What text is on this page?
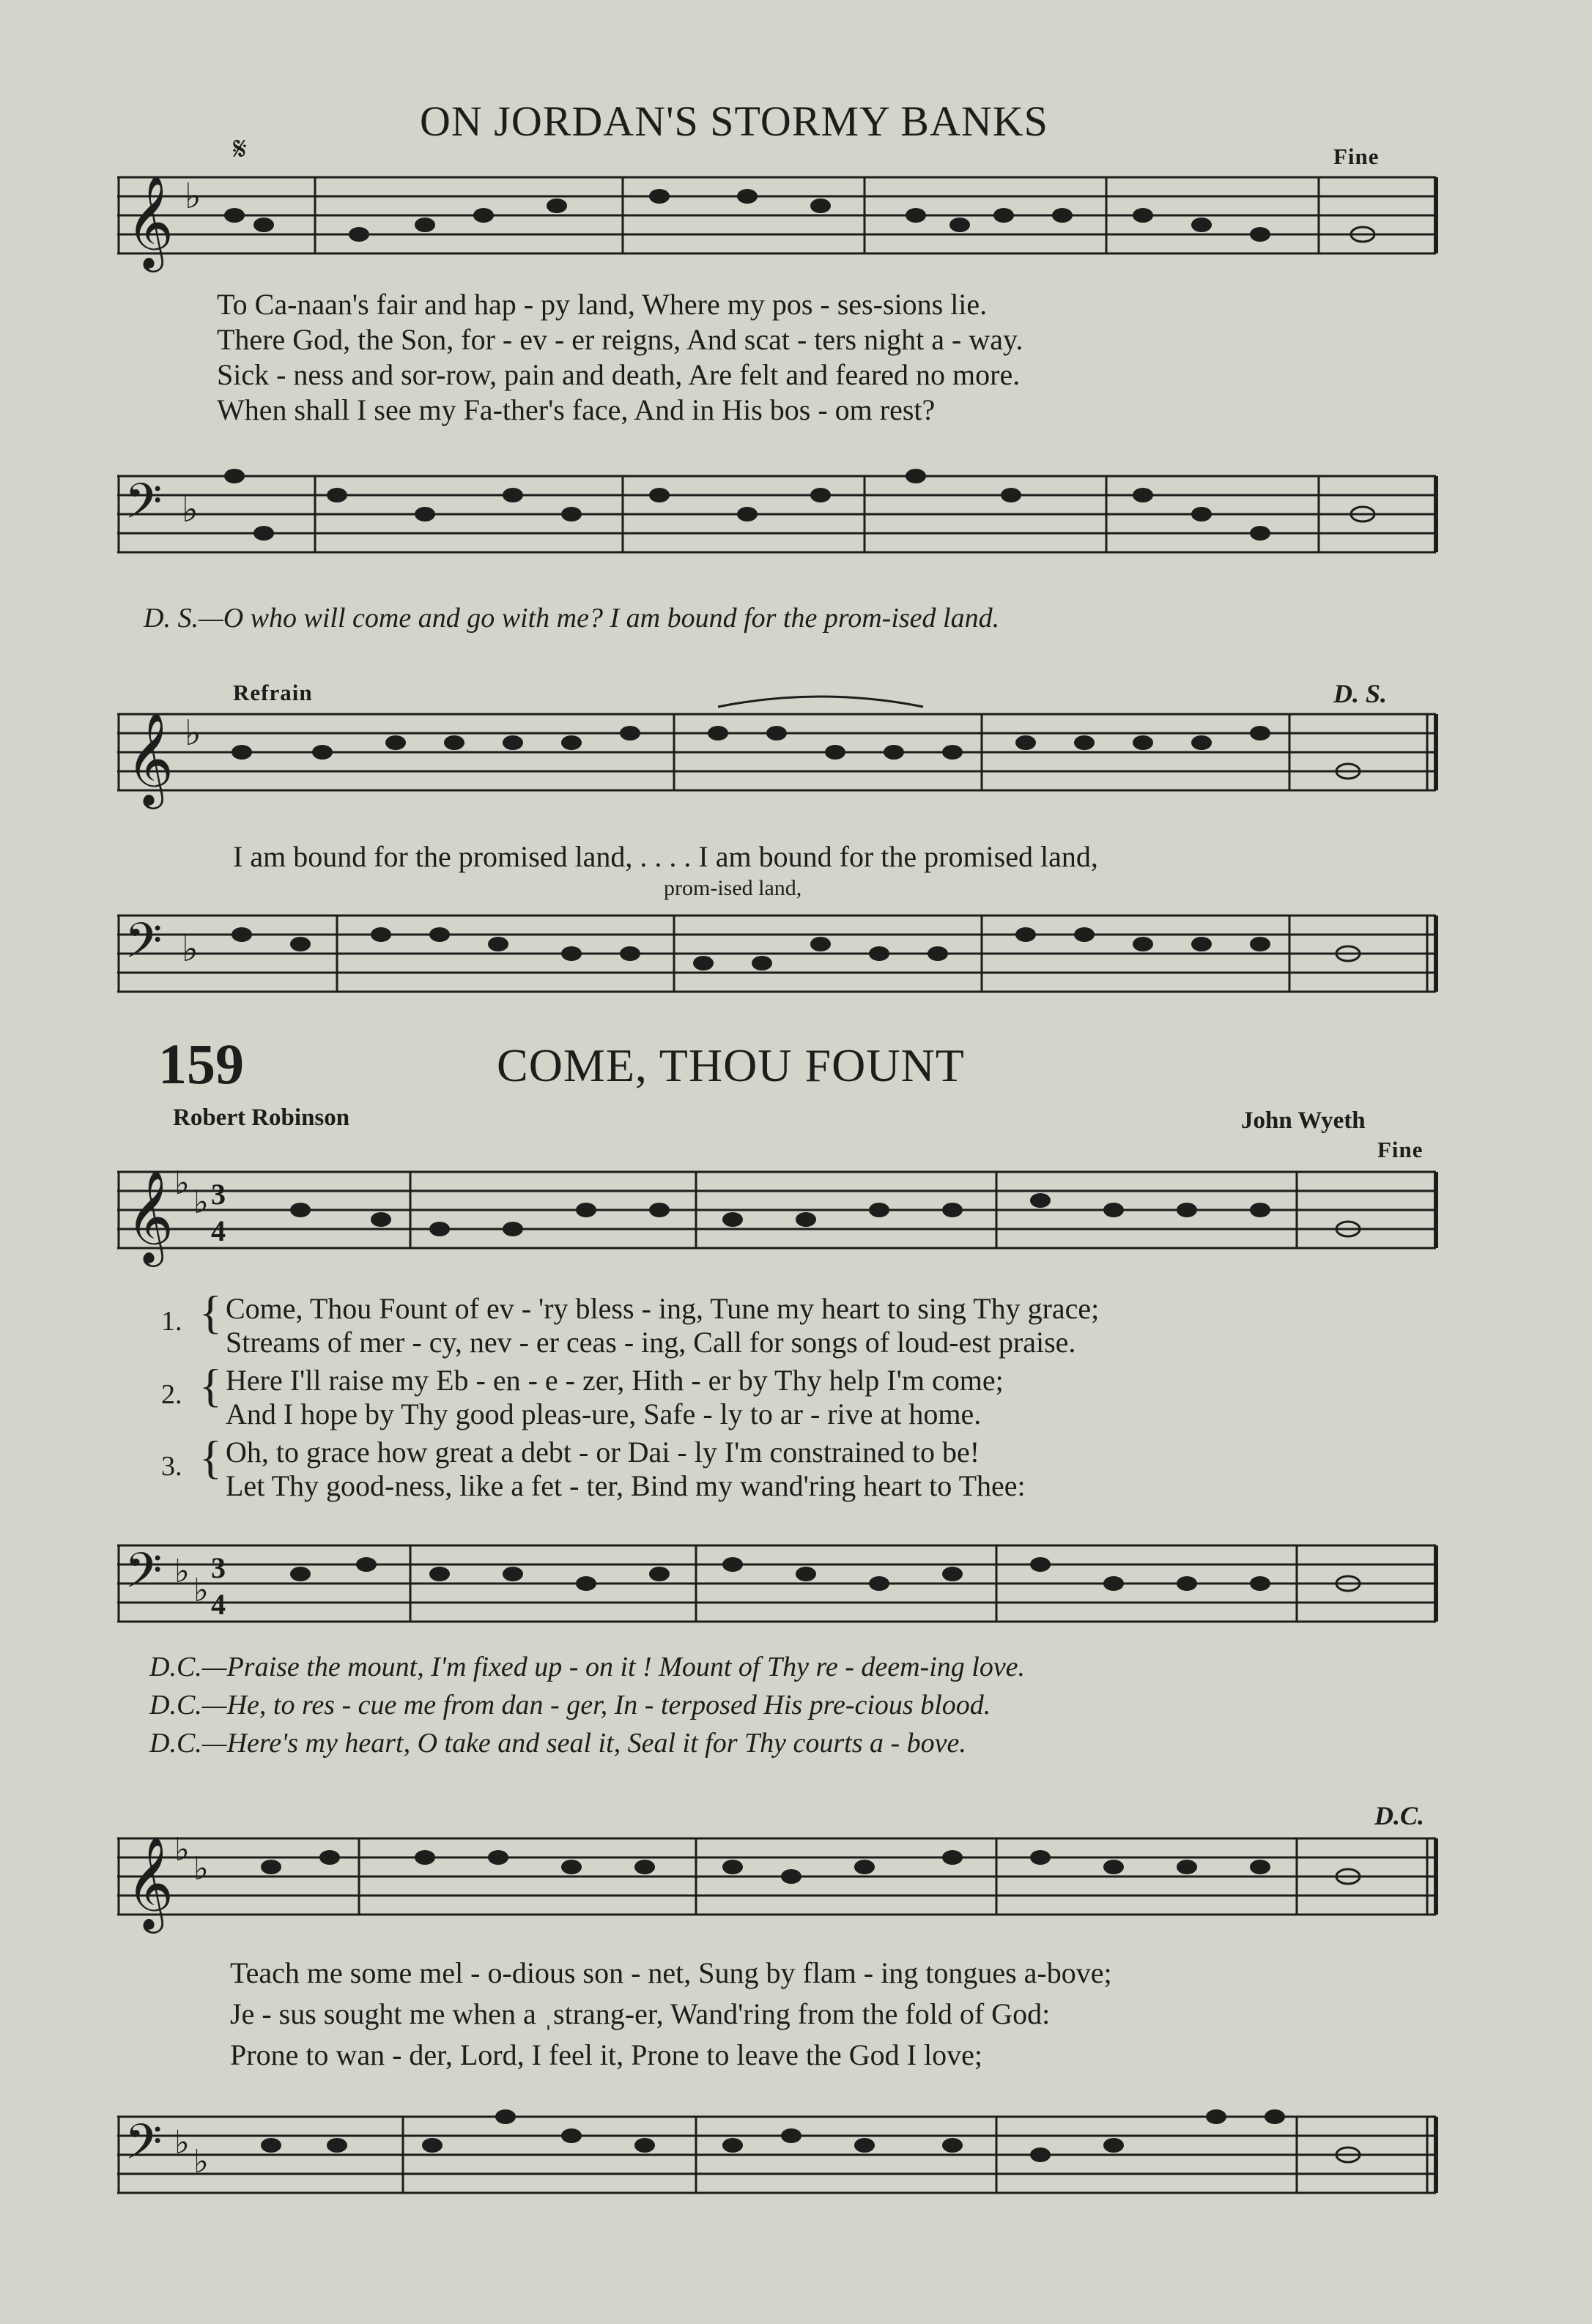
ON JORDAN'S STORMY BANKS
𝄋	Fine
𝄞 ♭
To Ca-naan's fair and hap - py land, Where my pos - ses-sions lie.
There God, the Son, for - ev - er reigns, And scat - ters night a - way.
Sick - ness and sor-row, pain and death, Are felt and feared no more.
When shall I see my Fa-ther's face, And in His bos - om rest?
𝄢 ♭
D. S.—O who will come and go with me? I am bound for the prom-ised land.
Refrain	D. S.
𝄞 ♭
I am bound for the promised land, . . . . I am bound for the promised land,
prom-ised land,
𝄢 ♭
159	COME, THOU FOUNT
Robert Robinson	John Wyeth
Fine
𝄞 ♭
♭ 3
4
1. { Come, Thou Fount of ev - 'ry bless - ing, Tune my heart to sing Thy grace;
Streams of mer - cy, nev - er ceas - ing, Call for songs of loud-est praise.
2. { Here I'll raise my Eb - en - e - zer, Hith - er by Thy help I'm come;
And I hope by Thy good pleas-ure, Safe - ly to ar - rive at home.
3. { Oh, to grace how great a debt - or Dai - ly I'm constrained to be!
Let Thy good-ness, like a fet - ter, Bind my wand'ring heart to Thee:
𝄢 ♭
♭
3
4
D.C.—Praise the mount, I'm fixed up - on it ! Mount of Thy re - deem-ing love.
D.C.—He, to res - cue me from dan - ger, In - terposed His pre-cious blood.
D.C.—Here's my heart, O take and seal it, Seal it for Thy courts a - bove.
D.C.
𝄞 ♭
♭
Teach me some mel - o-dious son - net, Sung by flam - ing tongues a-bove;
Je - sus sought me when a ˌstrang-er, Wand'ring from the fold of God:
Prone to wan - der, Lord, I feel it, Prone to leave the God I love;
𝄢 ♭
♭
